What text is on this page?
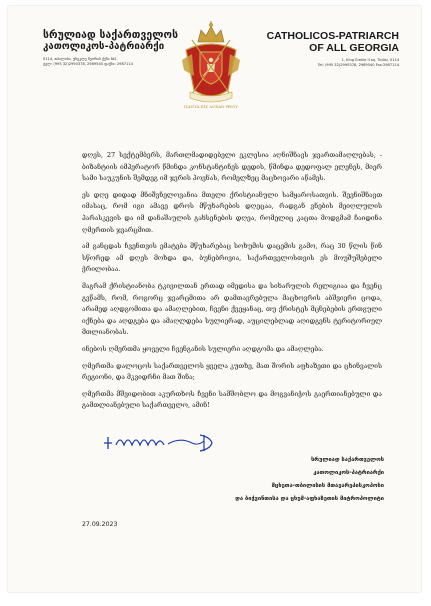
სრულიად საქართველოს
კათოლიკოს-პატრიარქი
0114, თბილისი, ერეკლე მეორის ქუჩა №1
ტელ: (995 32)2990378, 2989540 ფაქსი: 2987114
ΠΑΝΤΑ ΕΙΣ ΔΟΞΑΝ ΘΕΟΥ
CATHOLICOS-PATRIARCH
OF ALL GEORGIA
1, King Erekle II sq. Tbilisi, 0114
Tel: (995 32)2990378, 2989540 Fax:2987114

დღეს, 27 სექტემბერს, მართლმადიდებელი ეკლესია აღნიშნავს ჯვართამაღლებას, - ბიზანტიის იმპერატორ წმინდა კონსტანტინეს დედის, წმინდა დედოფალ ელენეს, მიერ სამი საუკუნის შემდეგ იმ ჯვრის პოვნას, რომელზეც მაცხოვარი აწამეს.

ეს დღე დიდად მნიშვნელოვანია მთელი ქრისტიანული სამყაროსათვის. შევნიშნავთ იმასაც, რომ იგი ამავე დროს მწუხარების დღეცაა, რადგან ვნების მეიღლულის პარასკევის და იმ დანაშაულის გახსენების დღეა, რომელიც კაცთა მოდგმამ ჩაიდინა ღმერთის ჯვარცმით.

ამ განცდას ჩვენთვის ემატება მწუხარებაც სოხუმის დაცემის გამო, რაც 30 წლის წინ სწორედ ამ დღეს მოხდა და, ბუნებრივია, საქართველოსთვის ეს მოუშუშებელი ჭრილობაა.

მაგრამ ქრისტიანობა ტკივილთან ერთად იმედისა და სიხარულის რელიგიაა და ჩვენც გვწამს, რომ, როგორც ჯვარცმითა არ დამთავრებულა მაცხოვრის აბშვიერი ცოდა, არამედ აღდგომითა და ამაღლებით, ჩვენი ქვეყანაც, თუ ქრისტეს მცნებების ერთგული იქნება და აღდგება და ამაღლდება სულიერად, აუცილებლად აღიდგენს ტერიტორიულ მთლიანობას.

ინებოს ღმერთმა ყოველი ჩვენგანის სულიერი აღდგომა და ამაღლება.

ღმერთმა დალოცოს საქართველოს ყველა კუთხე, მათ შორის აფხაზეთი და ცხინვალის რეგიონი, და მკვიდრნი მათ შინა;

ღმერთმა მშვიდობით აკურთხოს ჩვენი სამშობლო და მოგვანიჭოს გაერთიანებული და გამთლიანებული საქართველო, ამინ!

სრულიად საქართველოს
კათოლიკოს-პატრიარქი
მცხეთა-თბილისის მთავარეპისკოპოსი
და ბიჭვინთისა და ცხუმ-აფხაზეთის მიტროპოლიტი
27.09.2023
